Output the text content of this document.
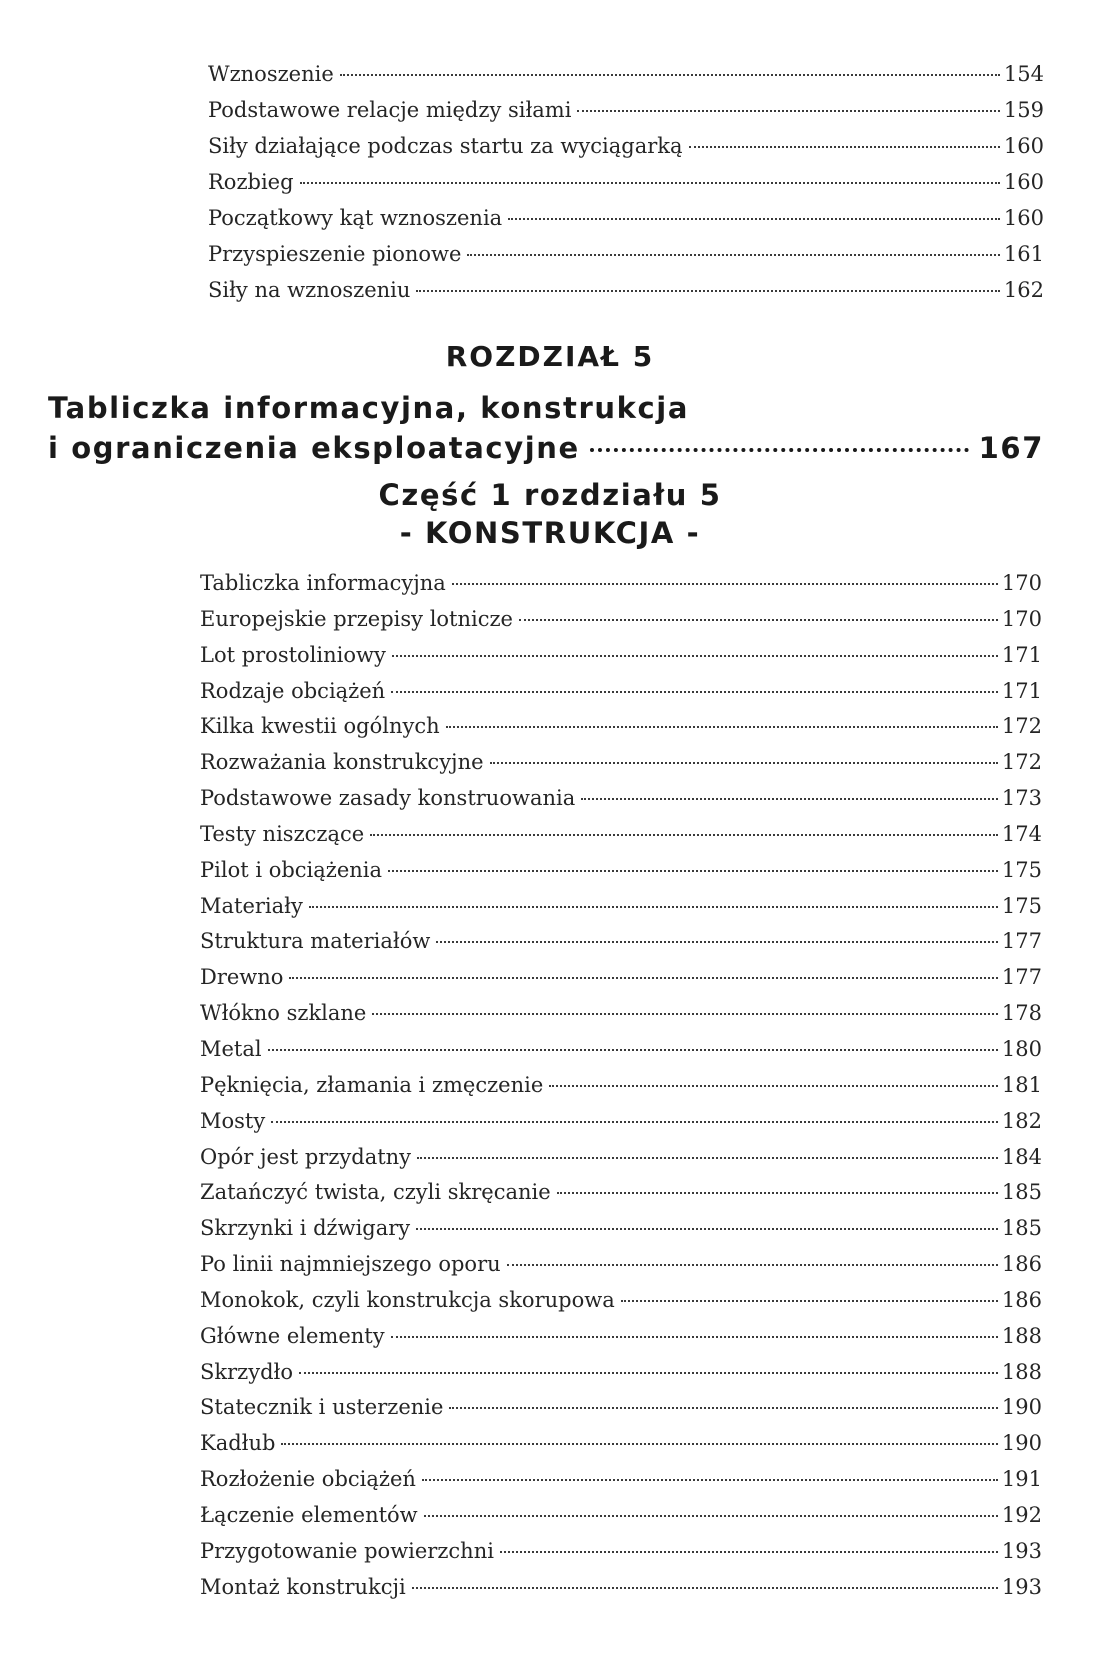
Wznoszenie	154
Podstawowe relacje między siłami	159
Siły działające podczas startu za wyciągarką	160
Rozbieg	160
Początkowy kąt wznoszenia	160
Przyspieszenie pionowe	161
Siły na wznoszeniu	162
ROZDZIAŁ 5
Tabliczka informacyjna, konstrukcja
i ograniczenia eksploatacyjne	167
Część 1 rozdziału 5
- KONSTRUKCJA -
Tabliczka informacyjna	170
Europejskie przepisy lotnicze	170
Lot prostoliniowy	171
Rodzaje obciążeń	171
Kilka kwestii ogólnych	172
Rozważania konstrukcyjne	172
Podstawowe zasady konstruowania	173
Testy niszczące	174
Pilot i obciążenia	175
Materiały	175
Struktura materiałów	177
Drewno	177
Włókno szklane	178
Metal	180
Pęknięcia, złamania i zmęczenie	181
Mosty	182
Opór jest przydatny	184
Zatańczyć twista, czyli skręcanie	185
Skrzynki i dźwigary	185
Po linii najmniejszego oporu	186
Monokok, czyli konstrukcja skorupowa	186
Główne elementy	188
Skrzydło	188
Statecznik i usterzenie	190
Kadłub	190
Rozłożenie obciążeń	191
Łączenie elementów	192
Przygotowanie powierzchni	193
Montaż konstrukcji	193
